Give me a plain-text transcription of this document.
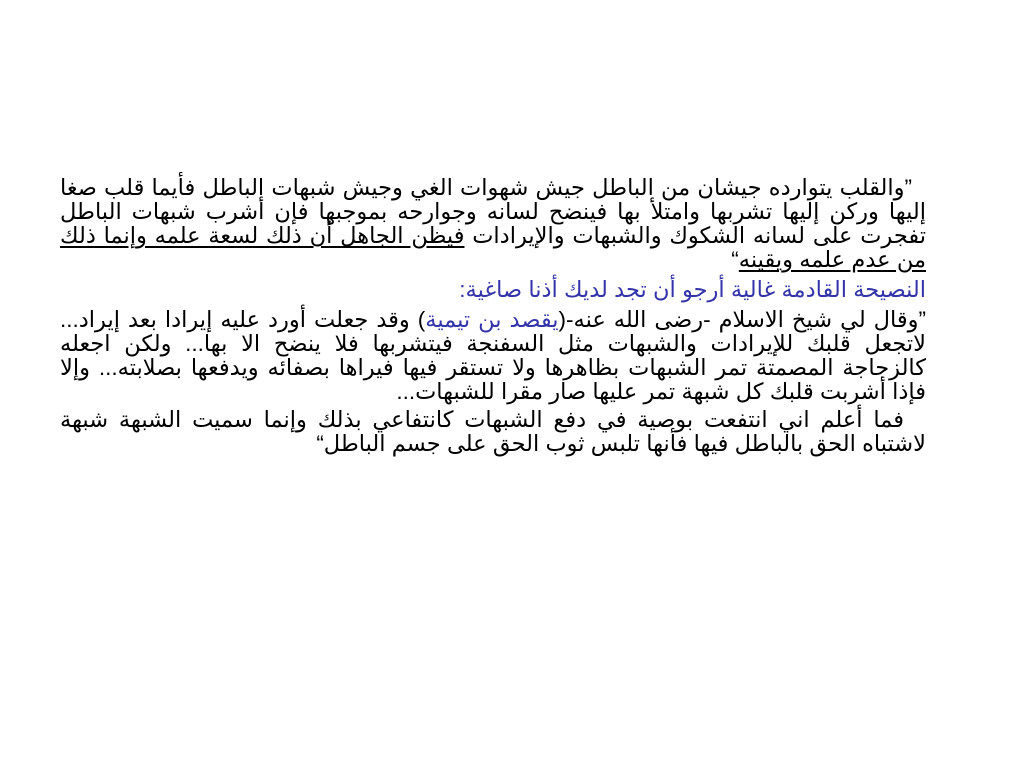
”والقلب يتوارده جيشان من الباطل جيش شهوات الغي وجيش شبهات الباطل فأيما قلب صغا إليها وركن إليها تشربها وامتلأ بها فينضح لسانه وجوارحه بموجبها فإن أشرب شبهات الباطل تفجرت على لسانه الشكوك والشبهات والإيرادات فيظن الجاهل أن ذلك لسعة علمه وإنما ذلك من عدم علمه ويقينه“

النصيحة القادمة غالية أرجو أن تجد لديك أذنا صاغية:

”وقال لي شيخ الاسلام -رضى الله عنه-(يقصد بن تيمية) وقد جعلت أورد عليه إيرادا بعد إيراد... لاتجعل قلبك للإيرادات والشبهات مثل السفنجة فيتشربها فلا ينضح الا بها... ولكن اجعله كالزجاجة المصمتة تمر الشبهات بظاهرها ولا تستقر فيها فيراها بصفائه ويدفعها بصلابته... وإلا فإذا أشربت قلبك كل شبهة تمر عليها صار مقرا للشبهات...

فما أعلم اني انتفعت بوصية في دفع الشبهات كانتفاعي بذلك وإنما سميت الشبهة شبهة لاشتباه الحق بالباطل فيها فأنها تلبس ثوب الحق على جسم الباطل“
